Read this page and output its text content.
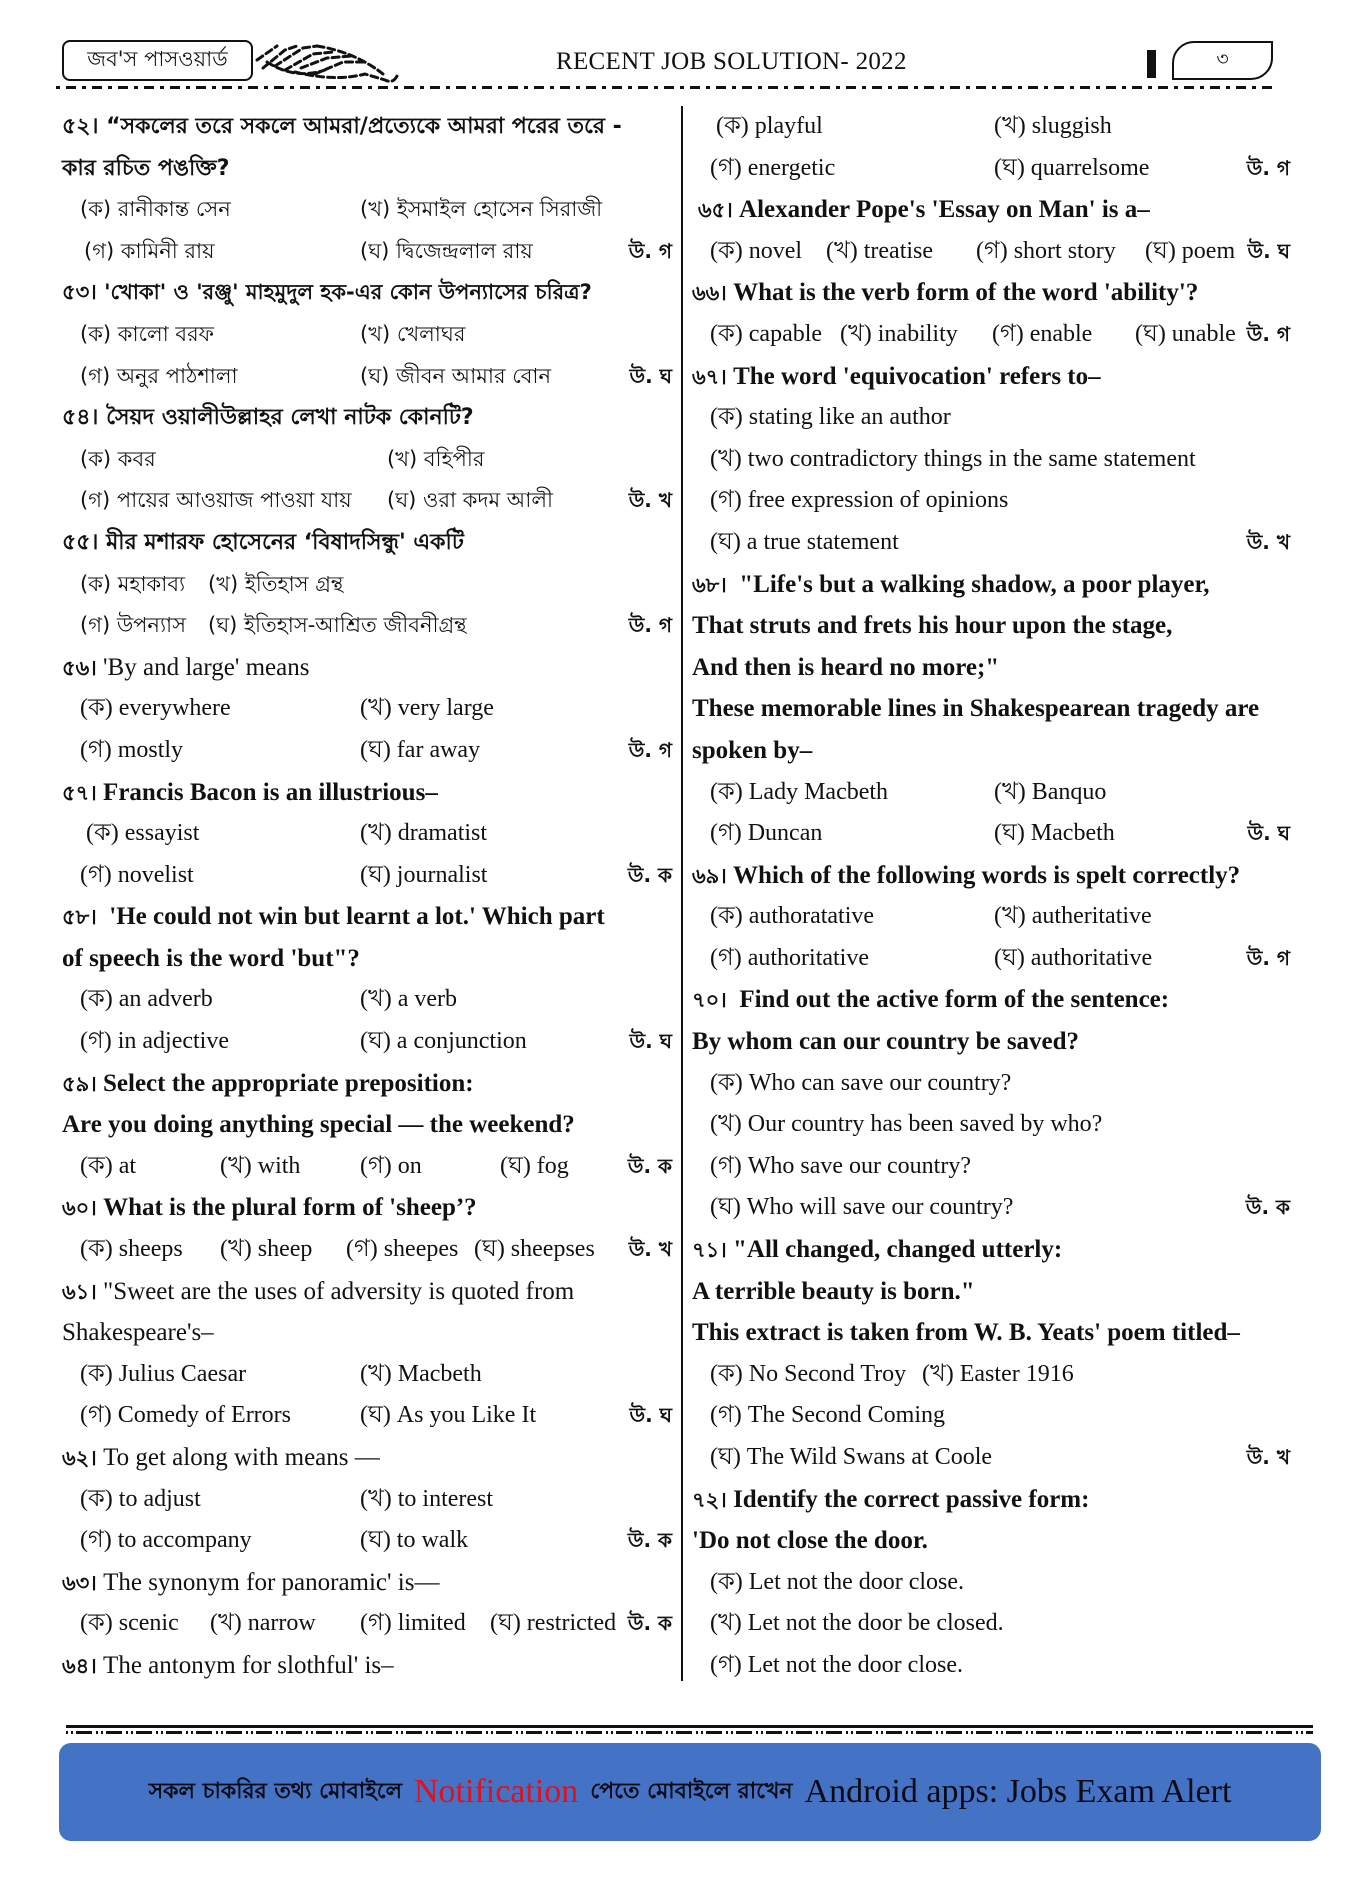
জব'স পাসওয়ার্ড	RECENT JOB SOLUTION- 2022	৩
৫২। “সকলের তরে সকলে আমরা/প্রত্যেকে আমরা পরের তরে -
কার রচিত পঙক্তি?
(ক) রানীকান্ত সেন	(খ) ইসমাইল হোসেন সিরাজী
(গ) কামিনী রায়	(ঘ) দ্বিজেন্দ্রলাল রায়	উ. গ
৫৩। 'খোকা' ও 'রঞ্জু' মাহমুদুল হক-এর কোন উপন্যাসের চরিত্র?
(ক) কালো বরফ	(খ) খেলাঘর
(গ) অনুর পাঠশালা	(ঘ) জীবন আমার বোন	উ. ঘ
৫৪। সৈয়দ ওয়ালীউল্লাহর লেখা নাটক কোনটি?
(ক) কবর	(খ) বহিপীর
(গ) পায়ের আওয়াজ পাওয়া যায় (ঘ) ওরা কদম আলী	উ. খ
৫৫। মীর মশারফ হোসেনের ‘বিষাদসিন্ধু' একটি
(ক) মহাকাব্য (খ) ইতিহাস গ্রন্থ
(গ) উপন্যাস (ঘ) ইতিহাস-আশ্রিত জীবনীগ্রন্থ	উ. গ
৫৬। 'By and large' means
(ক) everywhere	(খ) very large
(গ) mostly	(ঘ) far away	উ. গ
৫৭। Francis Bacon is an illustrious–
(ক) essayist	(খ) dramatist
(গ) novelist	(ঘ) journalist	উ. ক
৫৮। 'He could not win but learnt a lot.' Which part
of speech is the word 'but"?
(ক) an adverb	(খ) a verb
(গ) in adjective	(ঘ) a conjunction	উ. ঘ
৫৯। Select the appropriate preposition:
Are you doing anything special — the weekend?
(ক) at	(খ) with (গ) on	(ঘ) fog	উ. ক
৬০। What is the plural form of 'sheep’?
(ক) sheeps (খ) sheep (গ) sheepes (ঘ) sheepses উ. খ
৬১। "Sweet are the uses of adversity is quoted from
Shakespeare's–
(ক) Julius Caesar	(খ) Macbeth
(গ) Comedy of Errors	(ঘ) As you Like It	উ. ঘ
৬২। To get along with means —
(ক) to adjust	(খ) to interest
(গ) to accompany	(ঘ) to walk	উ. ক
৬৩। The synonym for panoramic' is—
(ক) scenic (খ) narrow (গ) limited (ঘ) restricted উ. ক
৬৪। The antonym for slothful' is–
(ক) playful	(খ) sluggish
(গ) energetic	(ঘ) quarrelsome	উ. গ
৬৫। Alexander Pope's 'Essay on Man' is a–
(ক) novel (খ) treatise (গ) short story (ঘ) poem উ. ঘ
৬৬। What is the verb form of the word 'ability'?
(ক) capable (খ) inability (গ) enable (ঘ) unable উ. গ
৬৭। The word 'equivocation' refers to–
(ক) stating like an author
(খ) two contradictory things in the same statement
(গ) free expression of opinions
(ঘ) a true statement	উ. খ
৬৮। "Life's but a walking shadow, a poor player,
That struts and frets his hour upon the stage,
And then is heard no more;"
These memorable lines in Shakespearean tragedy are
spoken by–
(ক) Lady Macbeth	(খ) Banquo
(গ) Duncan	(ঘ) Macbeth	উ. ঘ
৬৯। Which of the following words is spelt correctly?
(ক) authoratative	(খ) autheritative
(গ) authoritative	(ঘ) authoritative	উ. গ
৭০। Find out the active form of the sentence:
By whom can our country be saved?
(ক) Who can save our country?
(খ) Our country has been saved by who?
(গ) Who save our country?
(ঘ) Who will save our country?	উ. ক
৭১। "All changed, changed utterly:
A terrible beauty is born."
This extract is taken from W. B. Yeats' poem titled–
(ক) No Second Troy (খ) Easter 1916
(গ) The Second Coming
(ঘ) The Wild Swans at Coole	উ. খ
৭২। Identify the correct passive form:
'Do not close the door.
(ক) Let not the door close.
(খ) Let not the door be closed.
(গ) Let not the door close.
সকল চাকরির তথ্য মোবাইলে Notification পেতে মোবাইলে রাখেন Android apps: Jobs Exam Alert
